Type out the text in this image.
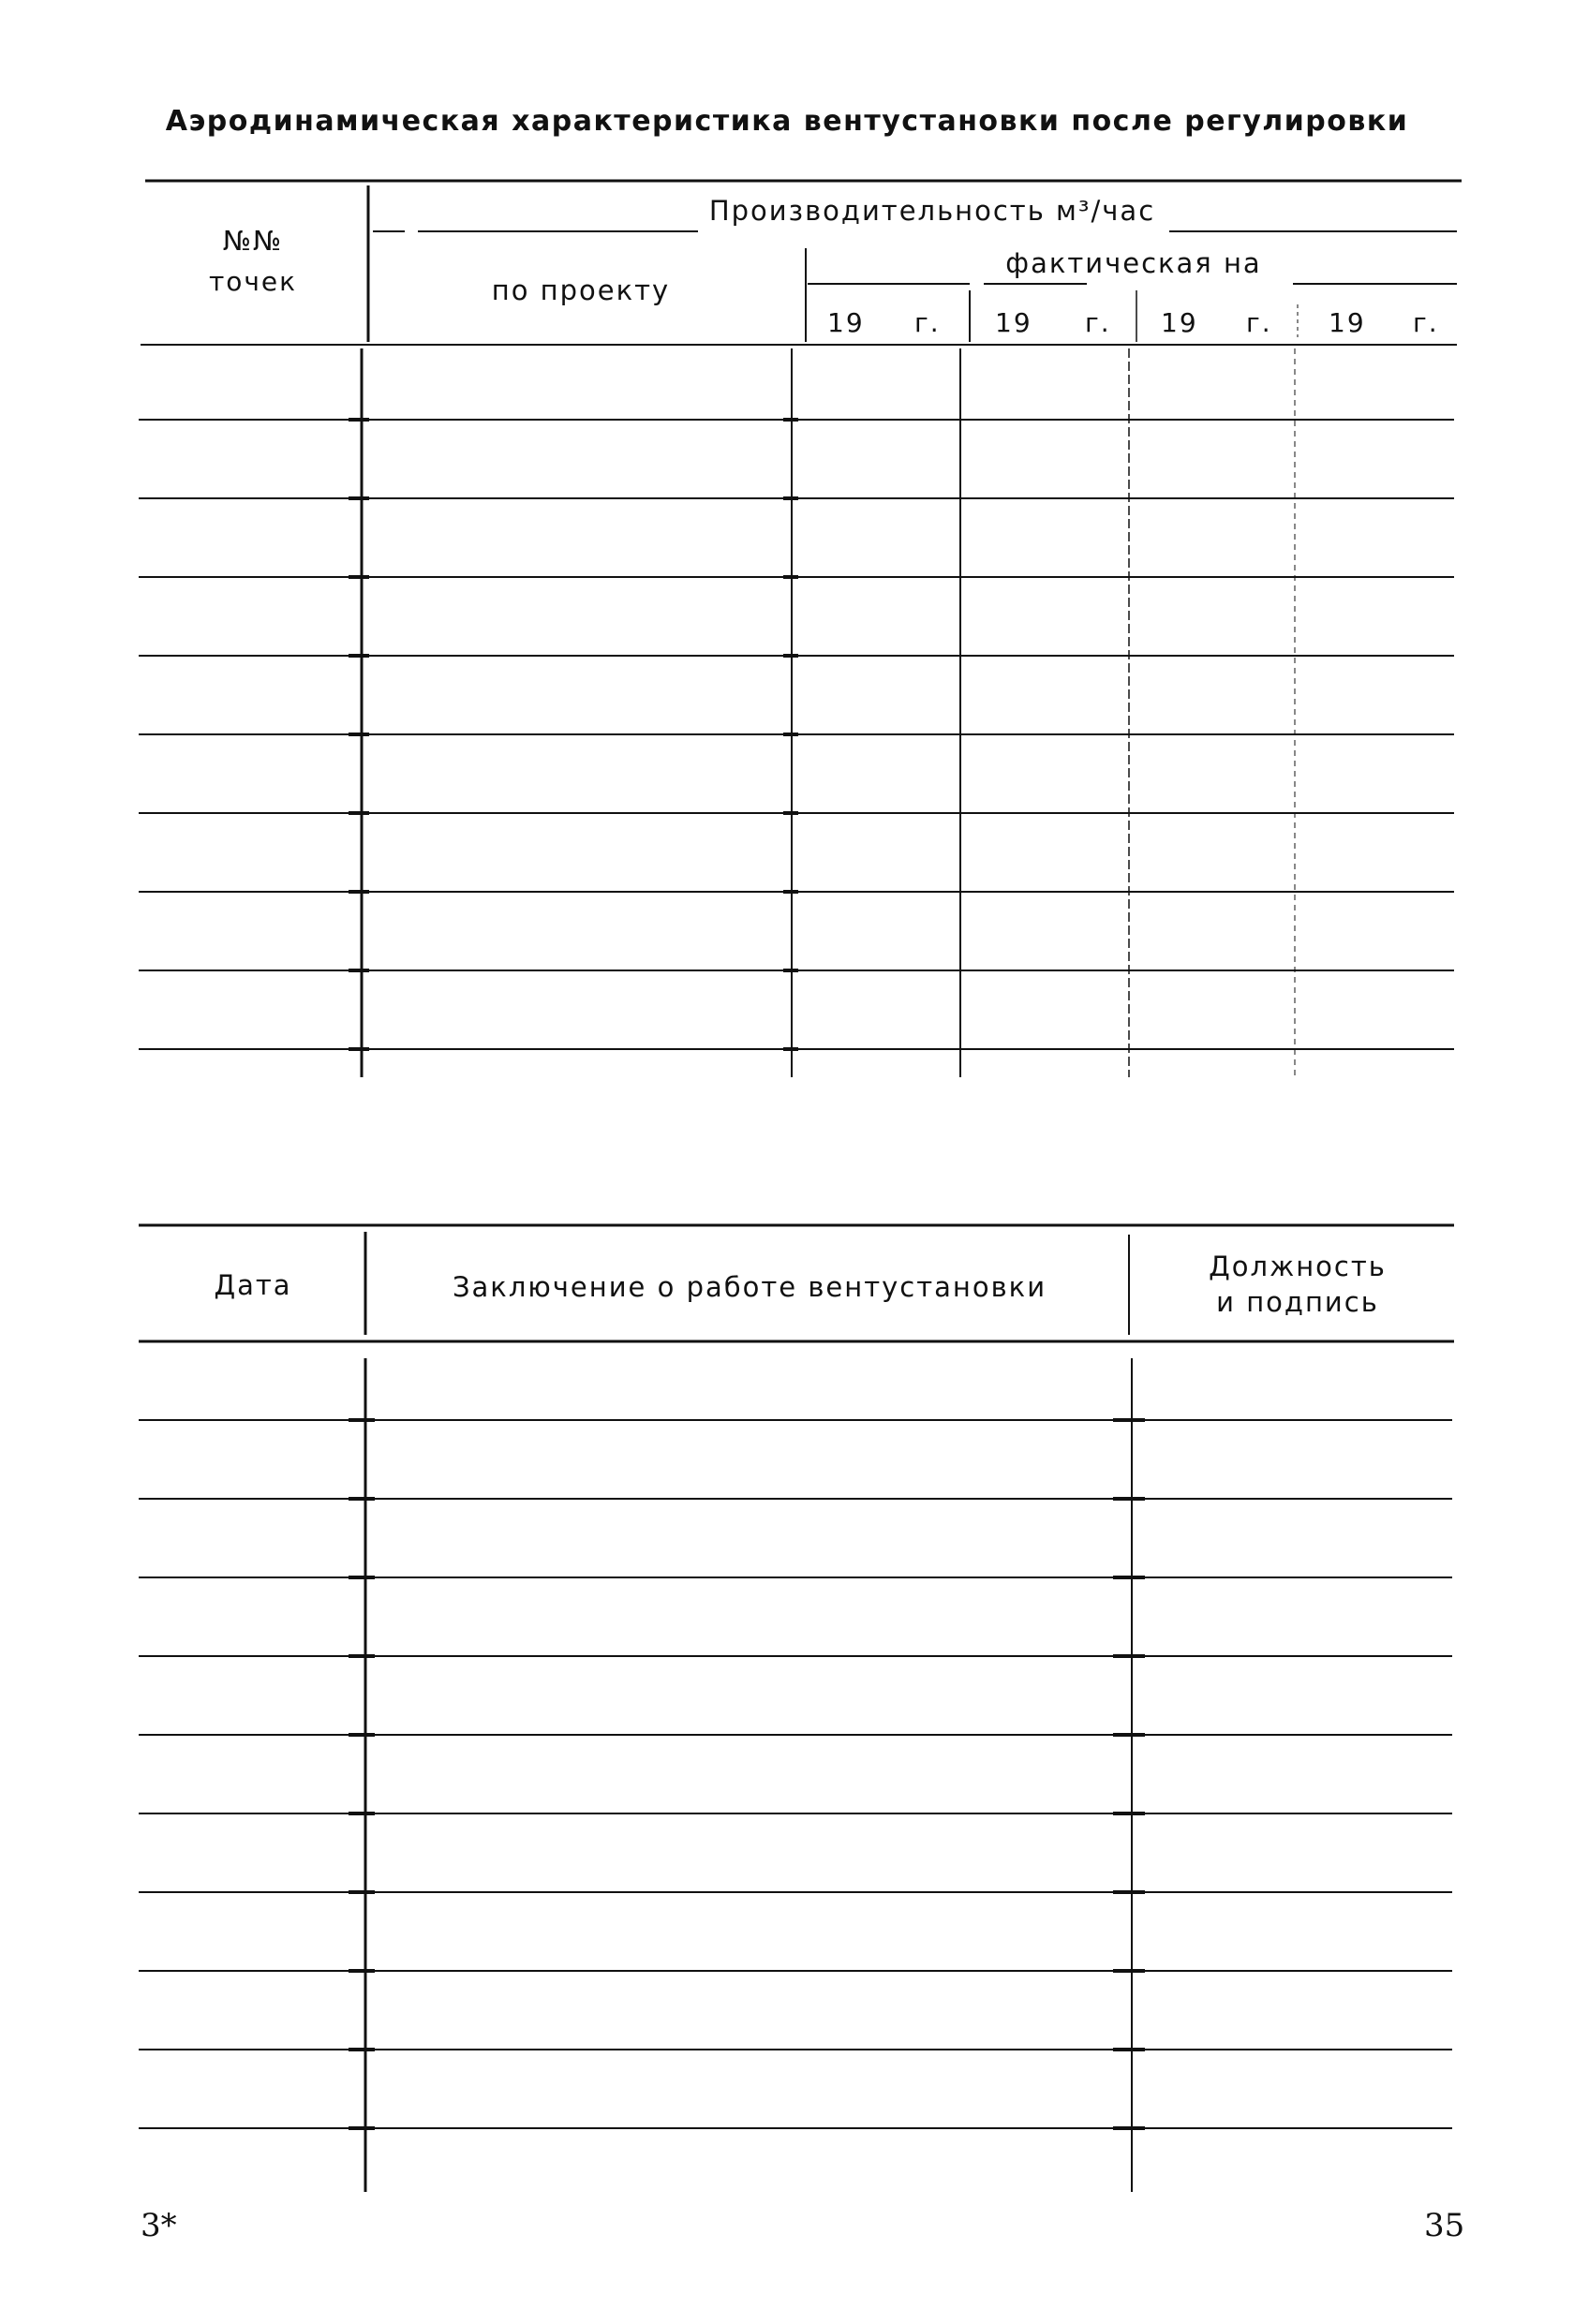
Аэродинамическая характеристика вентустановки после регулировки
№№
точек
Производительность м³/час
по проекту
фактическая на
19 г. 19 г. 19 г. 19 г.
Дата	Заключение о работе вентустановки
Должность
и подпись
3*	35
